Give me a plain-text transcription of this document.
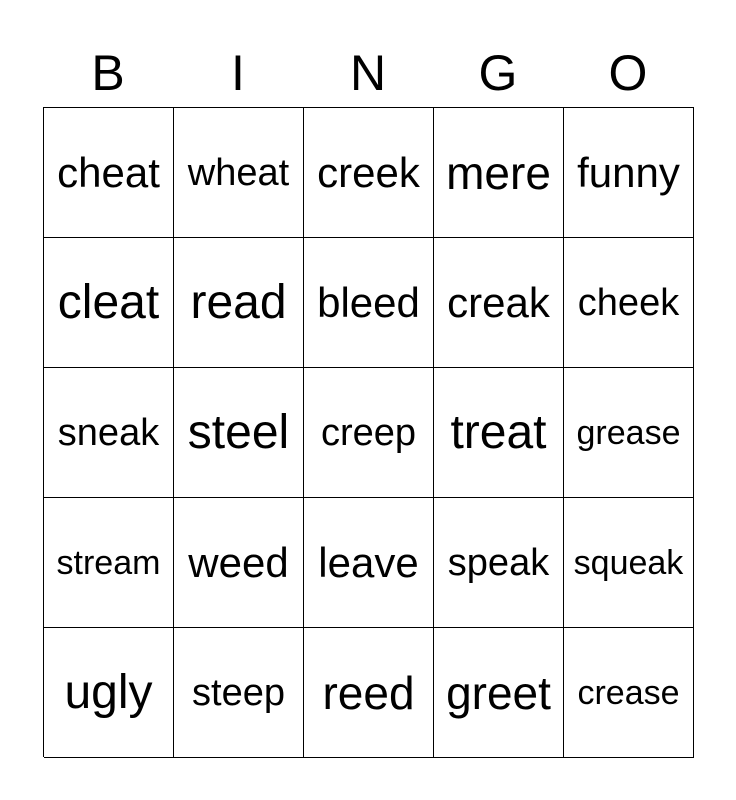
B	I	N	G	O
cheat wheat creek mere funny
cleat read bleed creak cheek
sneak steel creep treat grease
stream weed leave speak squeak
ugly	steep reed greet crease
